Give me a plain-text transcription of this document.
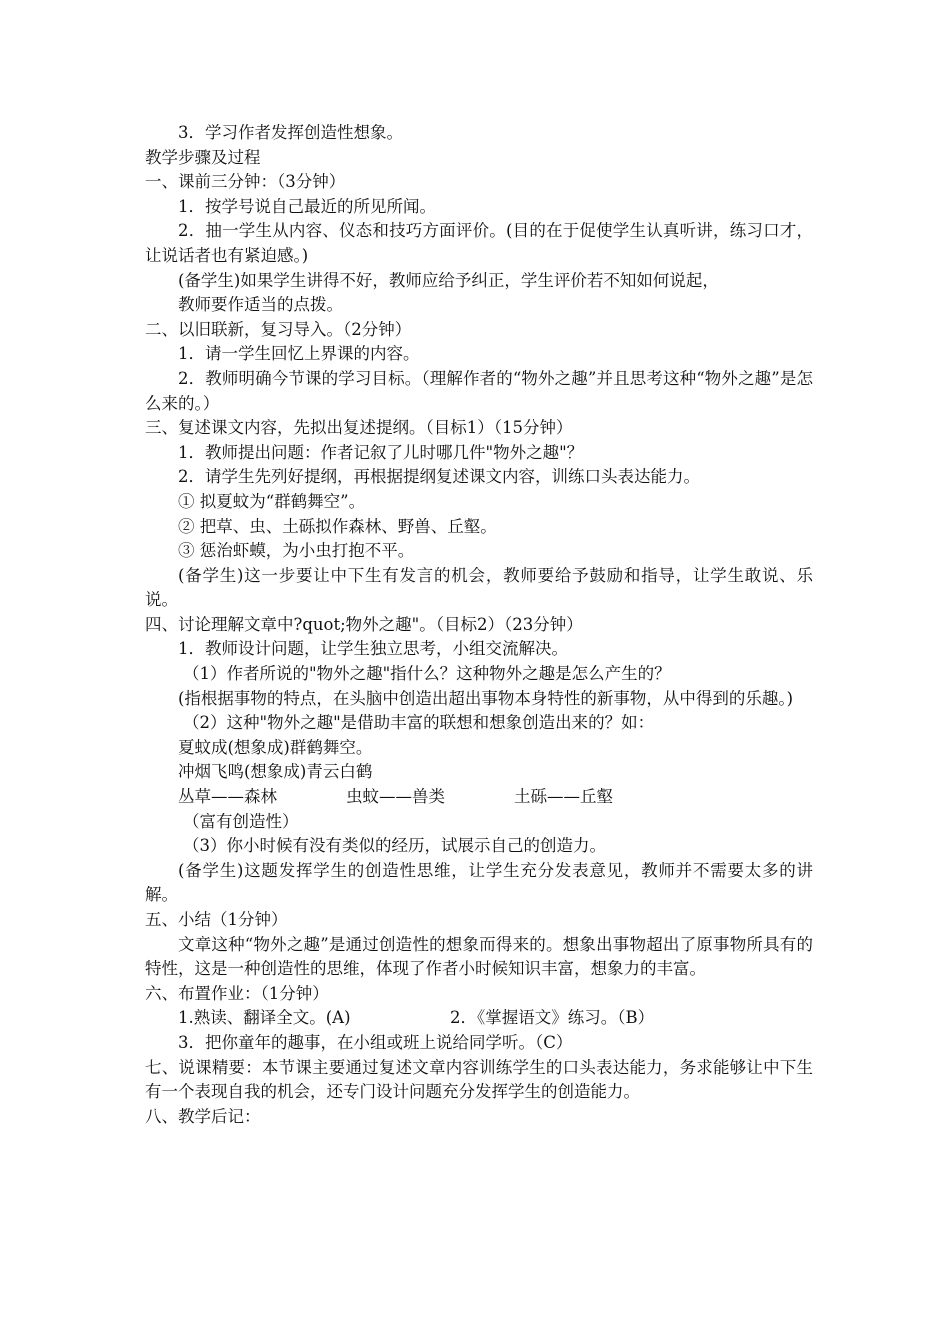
3．学习作者发挥创造性想象。
教学步骤及过程
一、课前三分钟：（3分钟）
1．按学号说自己最近的所见所闻。
2．抽一学生从内容、仪态和技巧方面评价。(目的在于促使学生认真听讲，练习口才，让说话者也有紧迫感。)
(备学生)如果学生讲得不好，教师应给予纠正，学生评价若不知如何说起，
教师要作适当的点拨。
二、以旧联新，复习导入。（2分钟）
1．请一学生回忆上界课的内容。
2．教师明确今节课的学习目标。（理解作者的“物外之趣”并且思考这种“物外之趣”是怎么来的。）
三、复述课文内容，先拟出复述提纲。（目标1）（15分钟）
1．教师提出问题：作者记叙了儿时哪几件"物外之趣"？
2．请学生先列好提纲，再根据提纲复述课文内容，训练口头表达能力。
① 拟夏蚊为“群鹤舞空”。
② 把草、虫、土砾拟作森林、野兽、丘壑。
③ 惩治虾蟆，为小虫打抱不平。
(备学生)这一步要让中下生有发言的机会，教师要给予鼓励和指导，让学生敢说、乐说。
四、讨论理解文章中?quot;物外之趣"。（目标2）（23分钟）
1．教师设计问题，让学生独立思考，小组交流解决。
（1）作者所说的"物外之趣"指什么？这种物外之趣是怎么产生的？
(指根据事物的特点，在头脑中创造出超出事物本身特性的新事物，从中得到的乐趣。)
（2）这种"物外之趣"是借助丰富的联想和想象创造出来的？如：
夏蚊成(想象成)群鹤舞空。
冲烟飞鸣(想象成)青云白鹤
丛草——森林	虫蚊——兽类	土砾——丘壑
（富有创造性）
（3）你小时候有没有类似的经历，试展示自己的创造力。
(备学生)这题发挥学生的创造性思维，让学生充分发表意见，教师并不需要太多的讲解。
五、小结（1分钟）
文章这种“物外之趣”是通过创造性的想象而得来的。想象出事物超出了原事物所具有的特性，这是一种创造性的思维，体现了作者小时候知识丰富，想象力的丰富。
六、布置作业：（1分钟）
1.熟读、翻译全文。(A)	2．《掌握语文》练习。（B）
3．把你童年的趣事，在小组或班上说给同学听。（C）
七、说课精要：本节课主要通过复述文章内容训练学生的口头表达能力，务求能够让中下生有一个表现自我的机会，还专门设计问题充分发挥学生的创造能力。
八、教学后记：
